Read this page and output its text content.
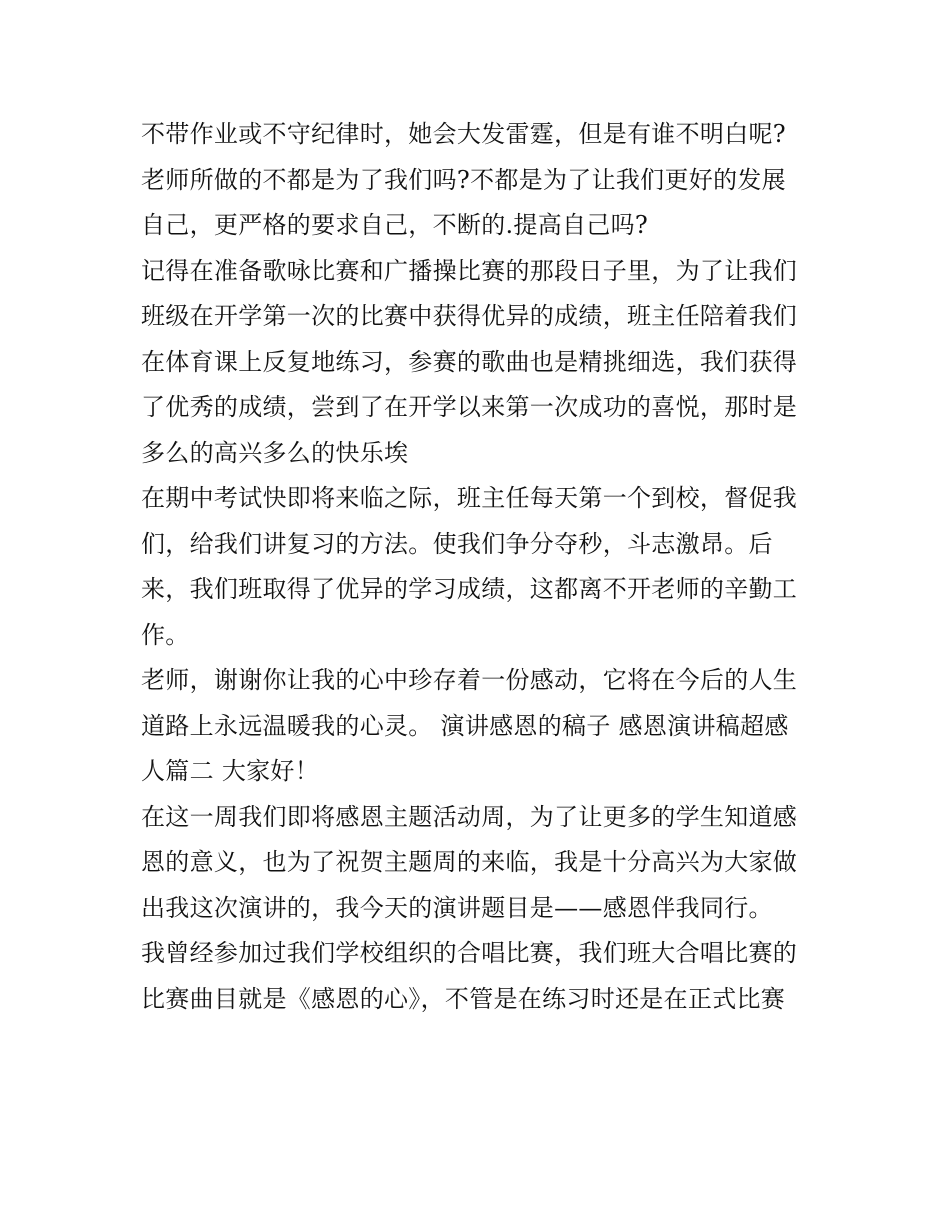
不带作业或不守纪律时，她会大发雷霆，但是有谁不明白呢?
老师所做的不都是为了我们吗?不都是为了让我们更好的发展
自己，更严格的要求自己，不断的.提高自己吗?
记得在准备歌咏比赛和广播操比赛的那段日子里，为了让我们
班级在开学第一次的比赛中获得优异的成绩，班主任陪着我们
在体育课上反复地练习，参赛的歌曲也是精挑细选，我们获得
了优秀的成绩，尝到了在开学以来第一次成功的喜悦，那时是
多么的高兴多么的快乐埃
在期中考试快即将来临之际，班主任每天第一个到校，督促我
们，给我们讲复习的方法。使我们争分夺秒，斗志激昂。后
来，我们班取得了优异的学习成绩，这都离不开老师的辛勤工
作。
老师，谢谢你让我的心中珍存着一份感动，它将在今后的人生
道路上永远温暖我的心灵。 演讲感恩的稿子 感恩演讲稿超感
人篇二 大家好！
在这一周我们即将感恩主题活动周，为了让更多的学生知道感
恩的意义，也为了祝贺主题周的来临，我是十分高兴为大家做
出我这次演讲的，我今天的演讲题目是——感恩伴我同行。
我曾经参加过我们学校组织的合唱比赛，我们班大合唱比赛的
比赛曲目就是《感恩的心》，不管是在练习时还是在正式比赛
